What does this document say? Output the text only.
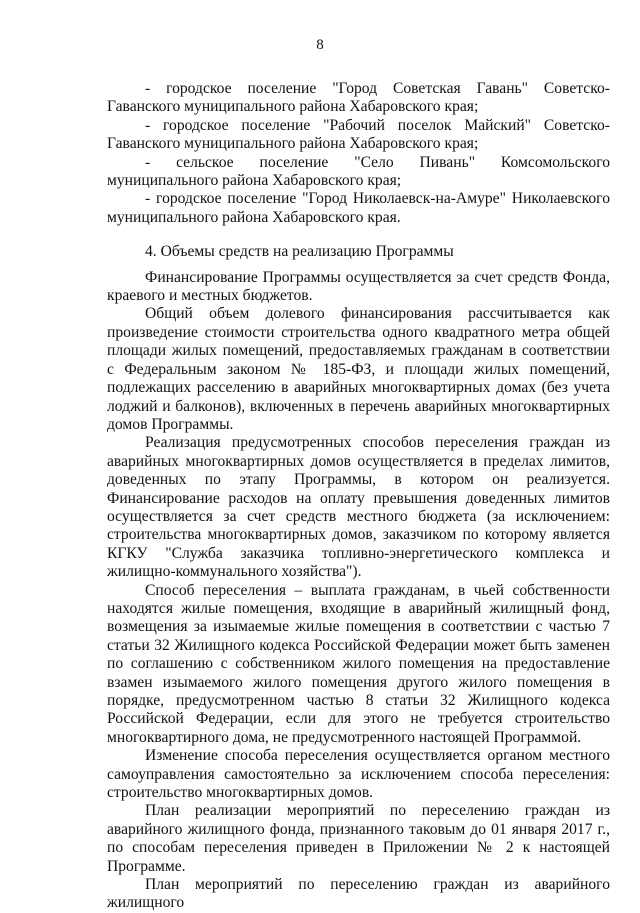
8

- городское поселение "Город Советская Гавань" Советско-Гаванского муниципального района Хабаровского края;

- городское поселение "Рабочий поселок Майский" Советско-Гаванского муниципального района Хабаровского края;

- сельское поселение "Село Пивань" Комсомольского муниципального района Хабаровского края;

- городское поселение "Город Николаевск-на-Амуре" Николаевского муниципального района Хабаровского края.

4. Объемы средств на реализацию Программы

Финансирование Программы осуществляется за счет средств Фонда, краевого и местных бюджетов.

Общий объем долевого финансирования рассчитывается как произведение стоимости строительства одного квадратного метра общей площади жилых помещений, предоставляемых гражданам в соответствии с Федеральным законом № 185-ФЗ, и площади жилых помещений, подлежащих расселению в аварийных многоквартирных домах (без учета лоджий и балконов), включенных в перечень аварийных многоквартирных домов Программы.

Реализация предусмотренных способов переселения граждан из аварийных многоквартирных домов осуществляется в пределах лимитов, доведенных по этапу Программы, в котором он реализуется. Финансирование расходов на оплату превышения доведенных лимитов осуществляется за счет средств местного бюджета (за исключением: строительства многоквартирных домов, заказчиком по которому является КГКУ "Служба заказчика топливно-энергетического комплекса и жилищно-коммунального хозяйства").

Способ переселения – выплата гражданам, в чьей собственности находятся жилые помещения, входящие в аварийный жилищный фонд, возмещения за изымаемые жилые помещения в соответствии с частью 7 статьи 32 Жилищного кодекса Российской Федерации может быть заменен по соглашению с собственником жилого помещения на предоставление взамен изымаемого жилого помещения другого жилого помещения в порядке, предусмотренном частью 8 статьи 32 Жилищного кодекса Российской Федерации, если для этого не требуется строительство многоквартирного дома, не предусмотренного настоящей Программой.

Изменение способа переселения осуществляется органом местного самоуправления самостоятельно за исключением способа переселения: строительство многоквартирных домов.

План реализации мероприятий по переселению граждан из аварийного жилищного фонда, признанного таковым до 01 января 2017 г., по способам переселения приведен в Приложении № 2 к настоящей Программе.

План мероприятий по переселению граждан из аварийного жилищного
